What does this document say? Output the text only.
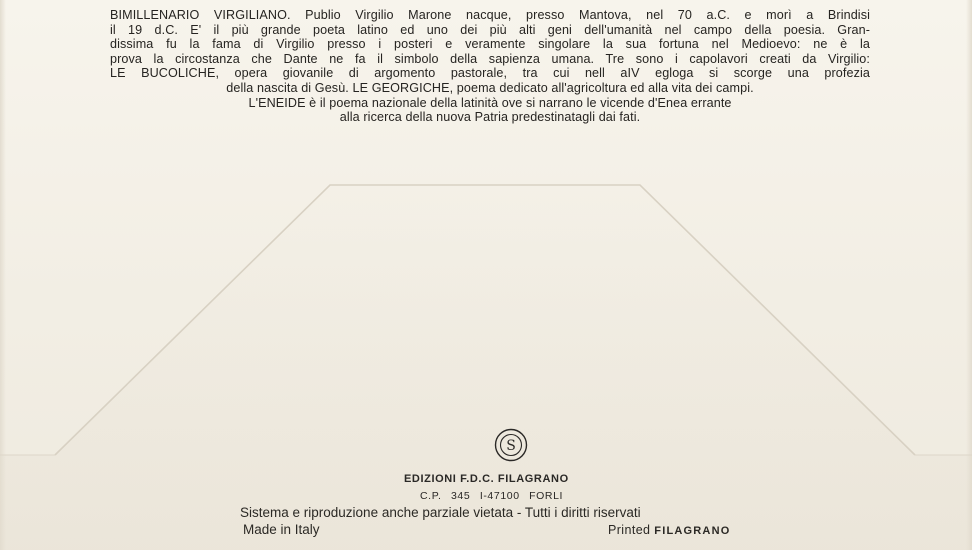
BIMILLENARIO VIRGILIANO. Publio Virgilio Marone nacque, presso Mantova, nel 70 a.C. e morì a Brindisi
il 19 d.C. E' il più grande poeta latino ed uno dei più alti geni dell'umanità nel campo della poesia. Gran-
dissima fu la fama di Virgilio presso i posteri e veramente singolare la sua fortuna nel Medioevo: ne è la
prova la circostanza che Dante ne fa il simbolo della sapienza umana. Tre sono i capolavori creati da Virgilio:
LE BUCOLICHE, opera giovanile di argomento pastorale, tra cui nell aIV egloga si scorge una profezia
della nascita di Gesù. LE GEORGICHE, poema dedicato all'agricoltura ed alla vita dei campi.
L'ENEIDE è il poema nazionale della latinità ove si narrano le vicende d'Enea errante
alla ricerca della nuova Patria predestinatagli dai fati.
S
EDIZIONI F.D.C. FILAGRANO
C.P. 345 I-47100 FORLI
Sistema e riproduzione anche parziale vietata - Tutti i diritti riservati
Made in Italy	Printed FILAGRANO
